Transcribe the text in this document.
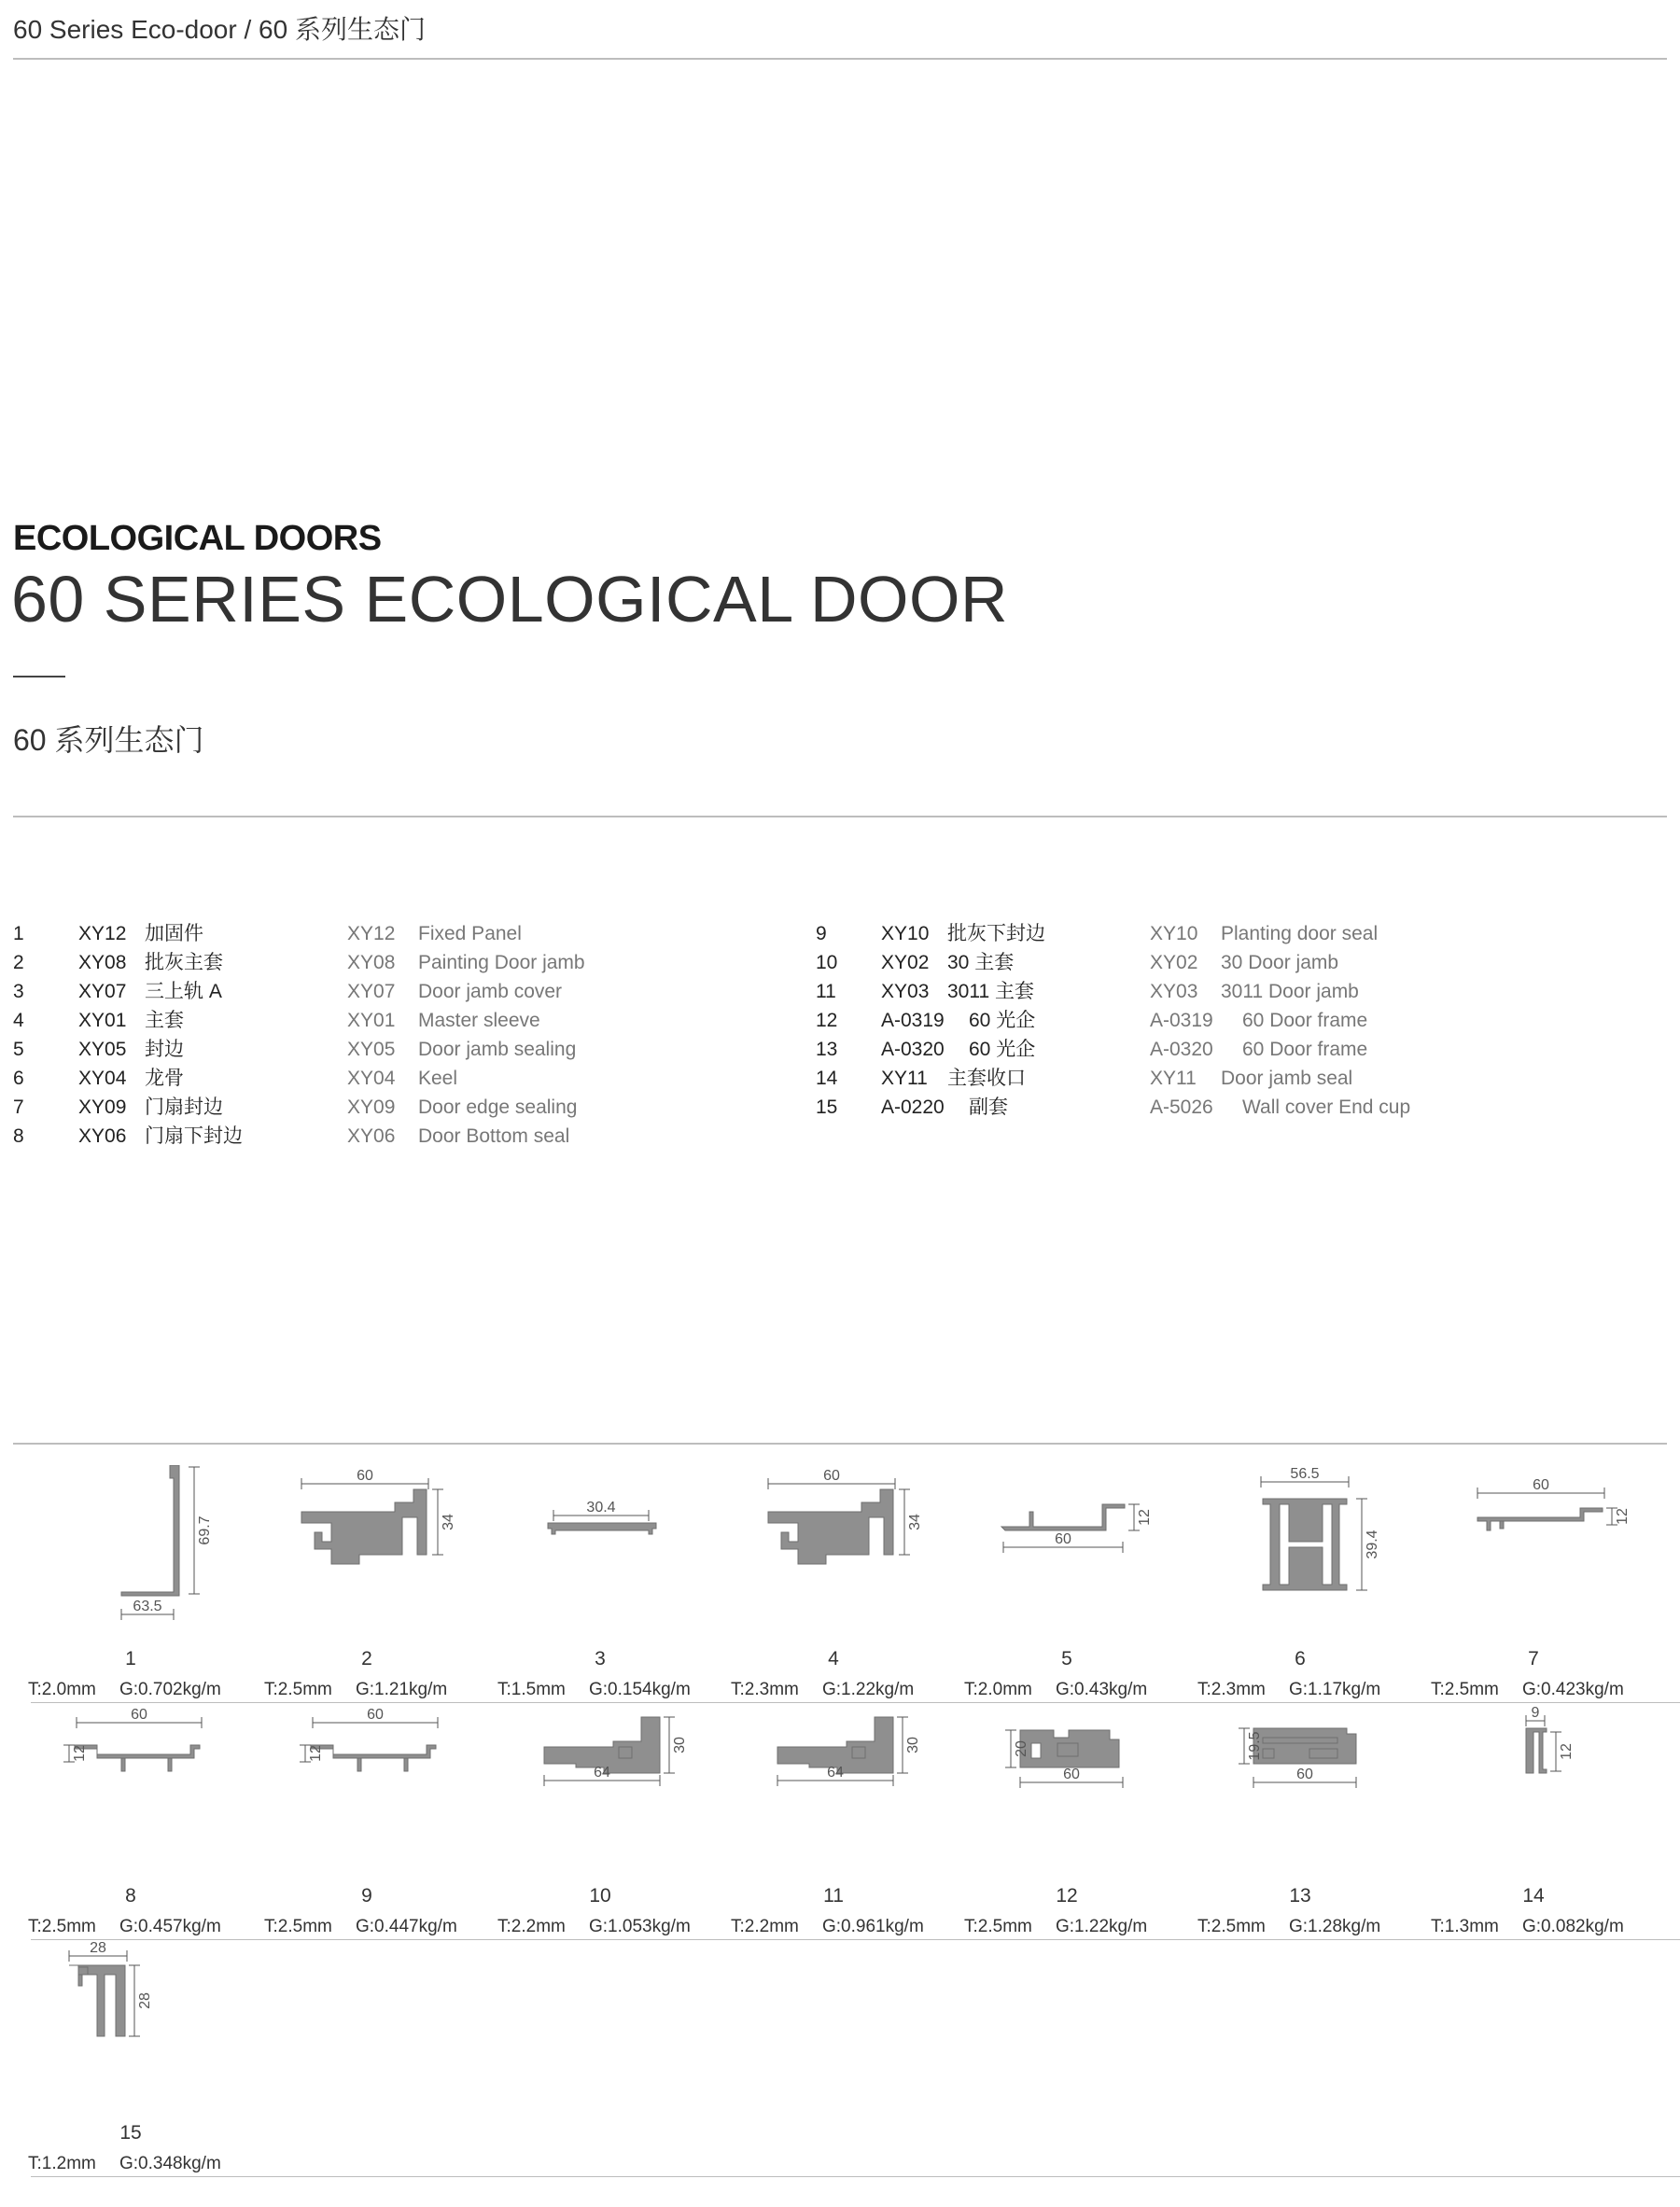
60 Series Eco-door / 60 系列生态门
ECOLOGICAL DOORS
60 SERIES ECOLOGICAL DOOR
60 系列生态门
1	XY12 加固件	XY12 Fixed Panel
2	XY08 批灰主套	XY08 Painting Door jamb
3	XY07 三上轨 A	XY07 Door jamb cover
4	XY01 主套	XY01 Master sleeve
5	XY05 封边	XY05 Door jamb sealing
6	XY04 龙骨	XY04 Keel
7	XY09 门扇封边	XY09 Door edge sealing
8	XY06 门扇下封边	XY06 Door Bottom seal
9	XY10 批灰下封边	XY10 Planting door seal
10 XY02 30 主套	XY02 30 Door jamb
11 XY03 3011 主套	XY03 3011 Door jamb
12 A-0319 60 光企	A-0319 60 Door frame
13 A-0320 60 光企	A-0320 60 Door frame
14 XY11 主套收口	XY11 Door jamb seal
15 A-0220 副套	A-5026 Wall cover End cup
63.5
69.7
1
T:2.0mm G:0.702kg/m
60
34
2
T:2.5mm G:1.21kg/m
30.4
3
T:1.5mm G:0.154kg/m
60
34
4
T:2.3mm G:1.22kg/m
60
12
5
T:2.0mm G:0.43kg/m
56.5
39.4
6
T:2.3mm G:1.17kg/m
60
12
7
T:2.5mm G:0.423kg/m
60
12
8
T:2.5mm G:0.457kg/m
60
12
9
T:2.5mm G:0.447kg/m
64
30
10
T:2.2mm G:1.053kg/m
64
30
11
T:2.2mm G:0.961kg/m
60
20
12
T:2.5mm G:1.22kg/m
60
19.5
13
T:2.5mm G:1.28kg/m
9
12
14
T:1.3mm G:0.082kg/m
28
28
15
T:1.2mm G:0.348kg/m
